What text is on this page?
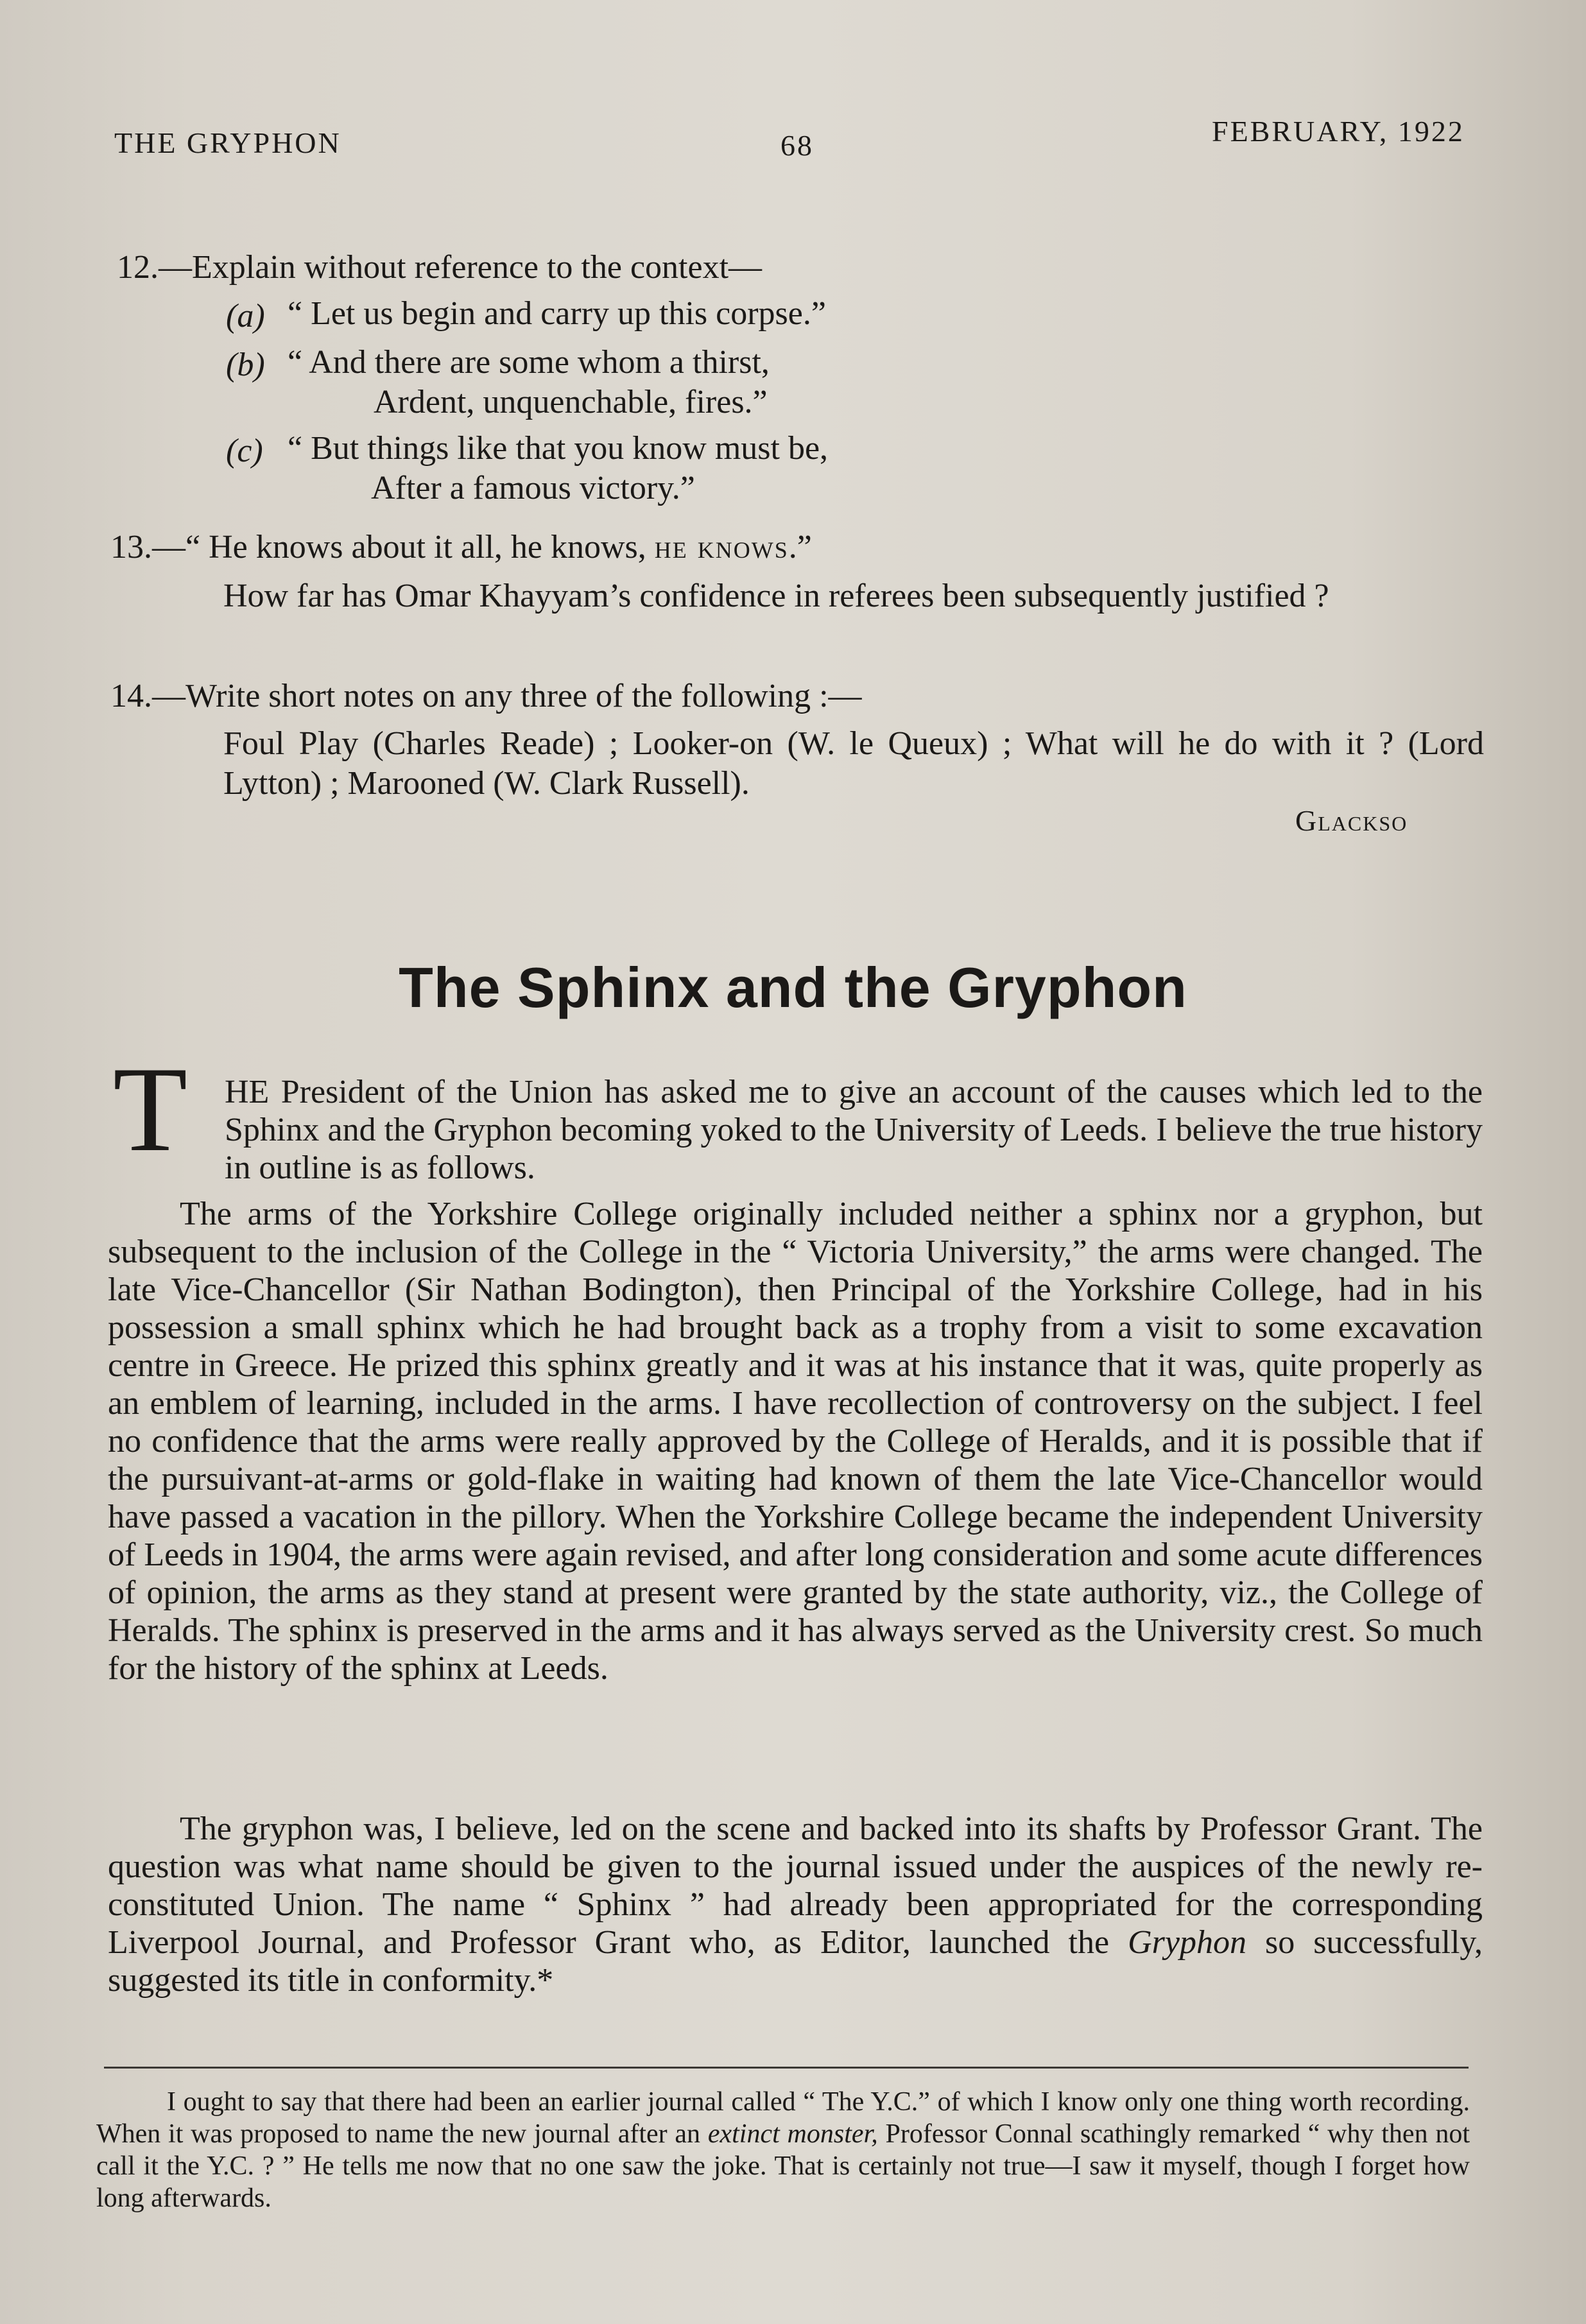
THE GRYPHON	68	FEBRUARY, 1922
12.—Explain without reference to the context—
(a) “ Let us begin and carry up this corpse.”
(b) “ And there are some whom a thirst,
Ardent, unquenchable, fires.”
(c) “ But things like that you know must be,
After a famous victory.”
13.—“ He knows about it all, he knows, he knows.”
How far has Omar Khayyam’s confidence in referees been subsequently justified ?
14.—Write short notes on any three of the following :—
Foul Play (Charles Reade) ; Looker-on (W. le Queux) ; What will he do with it ? (Lord Lytton) ; Marooned (W. Clark Russell).
Glackso
The Sphinx and the Gryphon
T HE President of the Union has asked me to give an account of the causes which led to the Sphinx and the Gryphon becoming yoked to the University of Leeds. I believe the true history in outline is as follows.
The arms of the Yorkshire College originally included neither a sphinx nor a gryphon, but subsequent to the inclusion of the College in the “ Victoria University,” the arms were changed. The late Vice-Chancellor (Sir Nathan Bodington), then Principal of the Yorkshire College, had in his possession a small sphinx which he had brought back as a trophy from a visit to some excavation centre in Greece. He prized this sphinx greatly and it was at his instance that it was, quite properly as an emblem of learning, included in the arms. I have recollection of controversy on the subject. I feel no confidence that the arms were really approved by the College of Heralds, and it is possible that if the pursuivant-at-arms or gold-flake in waiting had known of them the late Vice-Chancellor would have passed a vacation in the pillory. When the Yorkshire College became the independent University of Leeds in 1904, the arms were again revised, and after long consideration and some acute differences of opinion, the arms as they stand at present were granted by the state authority, viz., the College of Heralds. The sphinx is preserved in the arms and it has always served as the University crest. So much for the history of the sphinx at Leeds.
The gryphon was, I believe, led on the scene and backed into its shafts by Professor Grant. The question was what name should be given to the journal issued under the auspices of the newly re-constituted Union. The name “ Sphinx ” had already been appropriated for the corresponding Liverpool Journal, and Professor Grant who, as Editor, launched the Gryphon so successfully, suggested its title in conformity.*
I ought to say that there had been an earlier journal called “ The Y.C.” of which I know only one thing worth recording. When it was proposed to name the new journal after an extinct monster, Professor Connal scathingly remarked “ why then not call it the Y.C. ? ” He tells me now that no one saw the joke. That is certainly not true—I saw it myself, though I forget how long afterwards.
